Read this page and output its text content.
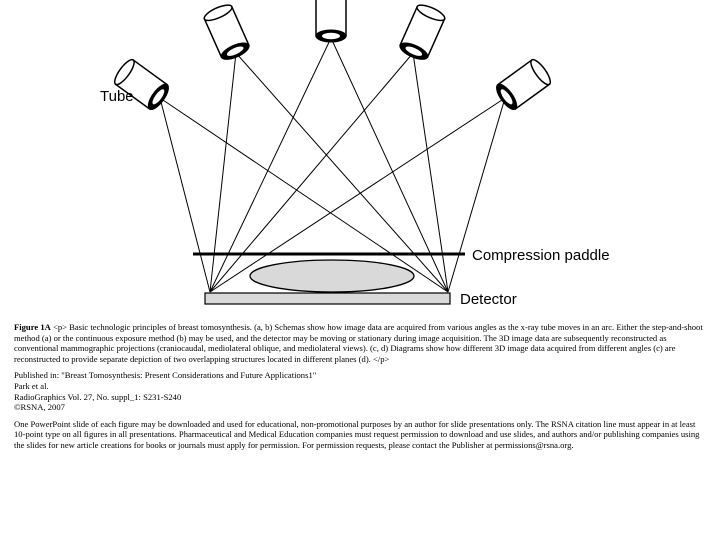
Tube
Compression paddle
Detector

Figure 1A <p> Basic technologic principles of breast tomosynthesis. (a, b) Schemas show how image data are acquired from various angles as the x-ray tube moves in an arc. Either the step-and-shoot method (a) or the continuous exposure method (b) may be used, and the detector may be moving or stationary during image acquisition. The 3D image data are subsequently reconstructed as conventional mammographic projections (craniocaudal, mediolateral oblique, and mediolateral views). (c, d) Diagrams show how different 3D image data acquired from different angles (c) are reconstructed to provide separate depiction of two overlapping structures located in different planes (d). </p>

Published in: "Breast Tomosynthesis: Present Considerations and Future Applications1"
Park et al.
RadioGraphics Vol. 27, No. suppl_1: S231-S240
©RSNA, 2007

One PowerPoint slide of each figure may be downloaded and used for educational, non-promotional purposes by an author for slide presentations only. The RSNA citation line must appear in at least 10-point type on all figures in all presentations. Pharmaceutical and Medical Education companies must request permission to download and use slides, and authors and/or publishing companies using the slides for new article creations for books or journals must apply for permission. For permission requests, please contact the Publisher at permissions@rsna.org.
